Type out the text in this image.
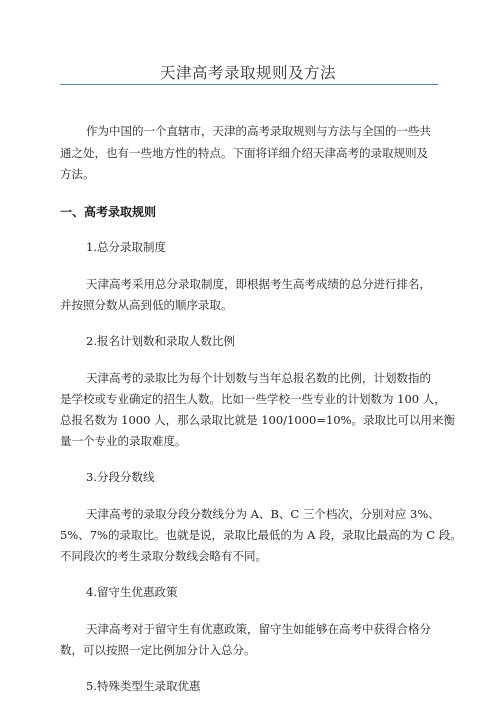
天津高考录取规则及方法
作为中国的一个直辖市，天津的高考录取规则与方法与全国的一些共
通之处，也有一些地方性的特点。下面将详细介绍天津高考的录取规则及
方法。
一、高考录取规则
1.总分录取制度
天津高考采用总分录取制度，即根据考生高考成绩的总分进行排名，
并按照分数从高到低的顺序录取。
2.报名计划数和录取人数比例
天津高考的录取比为每个计划数与当年总报名数的比例，计划数指的
是学校或专业确定的招生人数。比如一些学校一些专业的计划数为 100 人，
总报名数为 1000 人，那么录取比就是 100/1000=10%。录取比可以用来衡
量一个专业的录取难度。
3.分段分数线
天津高考的录取分段分数线分为 A、B、C 三个档次，分别对应 3%、
5%、7%的录取比。也就是说，录取比最低的为 A 段，录取比最高的为 C 段。
不同段次的考生录取分数线会略有不同。
4.留守生优惠政策
天津高考对于留守生有优惠政策，留守生如能够在高考中获得合格分
数，可以按照一定比例加分计入总分。
5.特殊类型生录取优惠
